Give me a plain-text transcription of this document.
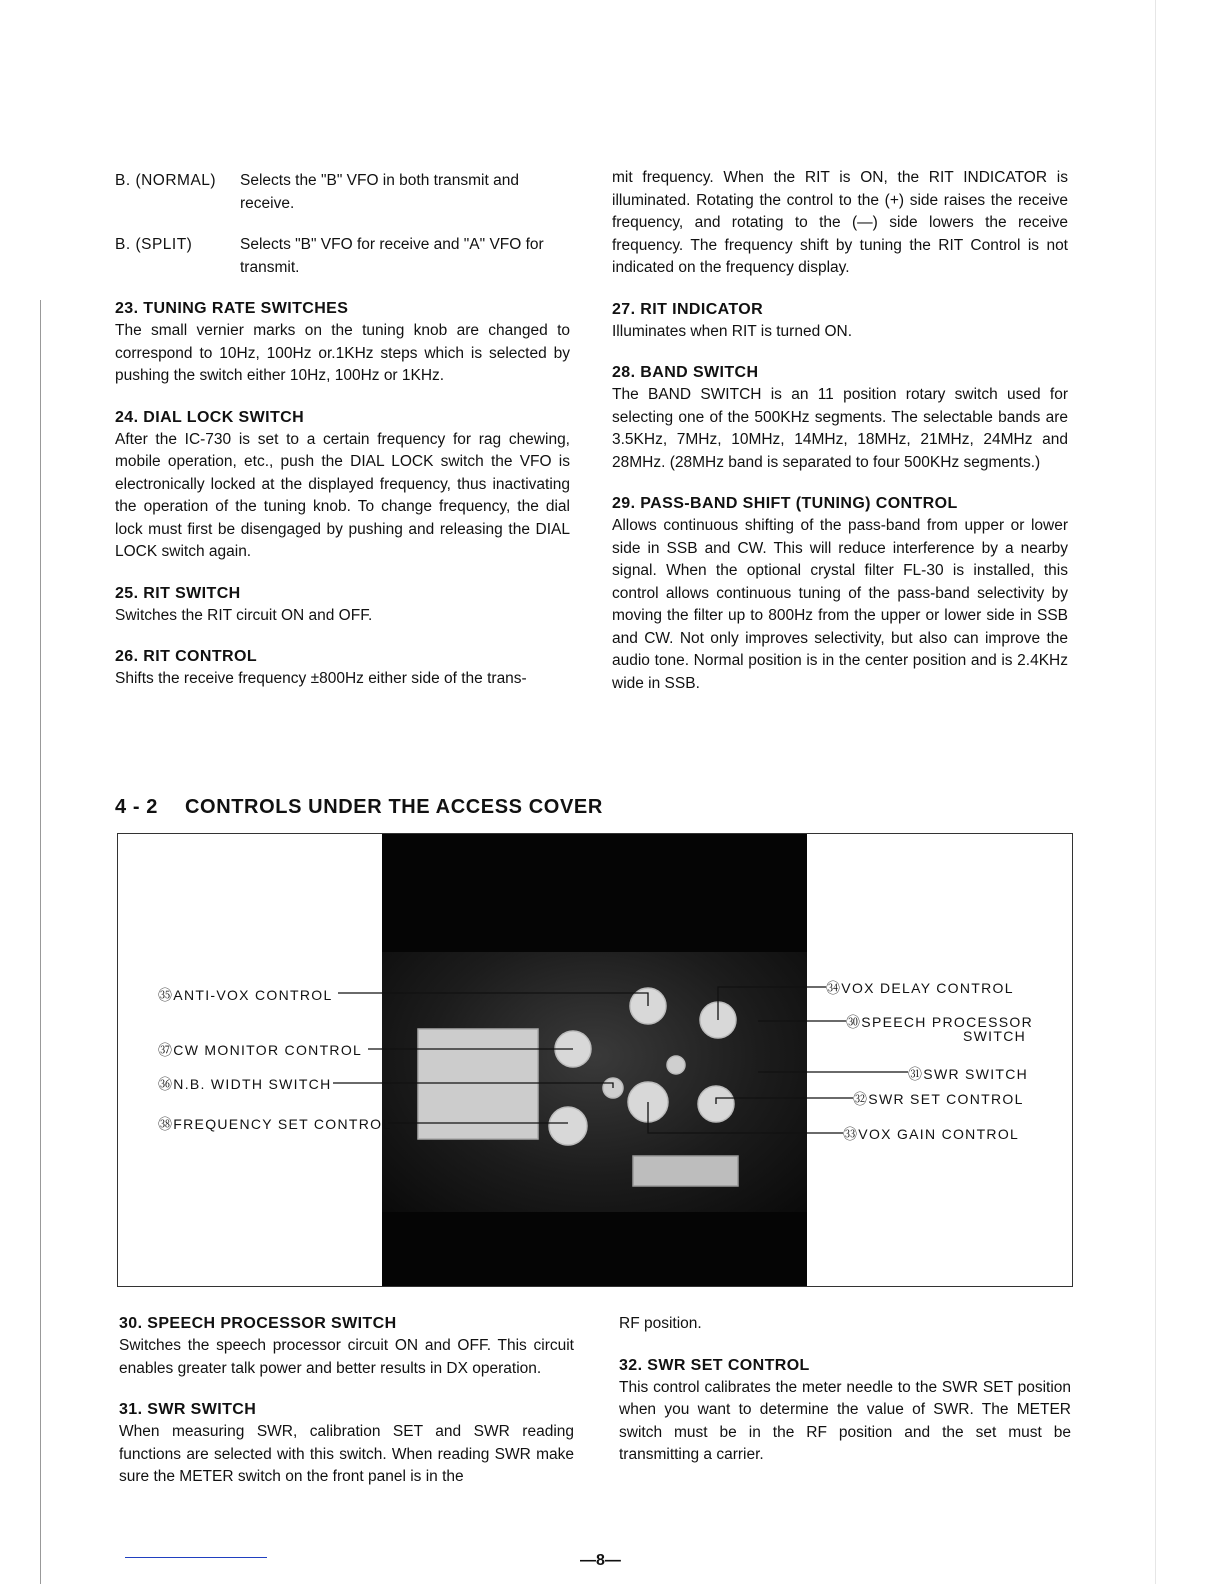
B. (NORMAL)	Selects the "B" VFO in both transmit and receive.
B. (SPLIT)	Selects "B" VFO for receive and "A" VFO for transmit.
23. TUNING RATE SWITCHES

The small vernier marks on the tuning knob are changed to correspond to 10Hz, 100Hz or.1KHz steps which is selected by pushing the switch either 10Hz, 100Hz or 1KHz.

24. DIAL LOCK SWITCH

After the IC-730 is set to a certain frequency for rag chewing, mobile operation, etc., push the DIAL LOCK switch the VFO is electronically locked at the displayed frequency, thus inactivating the operation of the tuning knob. To change frequency, the dial lock must first be disengaged by pushing and releasing the DIAL LOCK switch again.

25. RIT SWITCH

Switches the RIT circuit ON and OFF.

26. RIT CONTROL

Shifts the receive frequency ±800Hz either side of the trans-

mit frequency. When the RIT is ON, the RIT INDICATOR is illuminated. Rotating the control to the (+) side raises the receive frequency, and rotating to the (—) side lowers the receive frequency. The frequency shift by tuning the RIT Control is not indicated on the frequency display.

27. RIT INDICATOR

Illuminates when RIT is turned ON.

28. BAND SWITCH

The BAND SWITCH is an 11 position rotary switch used for selecting one of the 500KHz segments. The selectable bands are 3.5KHz, 7MHz, 10MHz, 14MHz, 18MHz, 21MHz, 24MHz and 28MHz. (28MHz band is separated to four 500KHz segments.)

29. PASS-BAND SHIFT (TUNING) CONTROL

Allows continuous shifting of the pass-band from upper or lower side in SSB and CW. This will reduce interference by a nearby signal. When the optional crystal filter FL-30 is installed, this control allows continuous tuning of the pass-band selectivity by moving the filter up to 800Hz from the upper or lower side in SSB and CW. Not only improves selectivity, but also can improve the audio tone. Normal position is in the center position and is 2.4KHz wide in SSB.

4 - 2 CONTROLS UNDER THE ACCESS COVER
㉟ANTI-VOX CONTROL
㊲CW MONITOR CONTROL
㊱N.B. WIDTH SWITCH
㊳FREQUENCY SET CONTROL
㉞VOX DELAY CONTROL
㉚SPEECH PROCESSOR
SWITCH
㉛SWR SWITCH
㉜SWR SET CONTROL
㉝VOX GAIN CONTROL
30. SPEECH PROCESSOR SWITCH

Switches the speech processor circuit ON and OFF. This circuit enables greater talk power and better results in DX operation.

31. SWR SWITCH

When measuring SWR, calibration SET and SWR reading functions are selected with this switch. When reading SWR make sure the METER switch on the front panel is in the

RF position.

32. SWR SET CONTROL

This control calibrates the meter needle to the SWR SET position when you want to determine the value of SWR. The METER switch must be in the RF position and the set must be transmitting a carrier.

—8—
